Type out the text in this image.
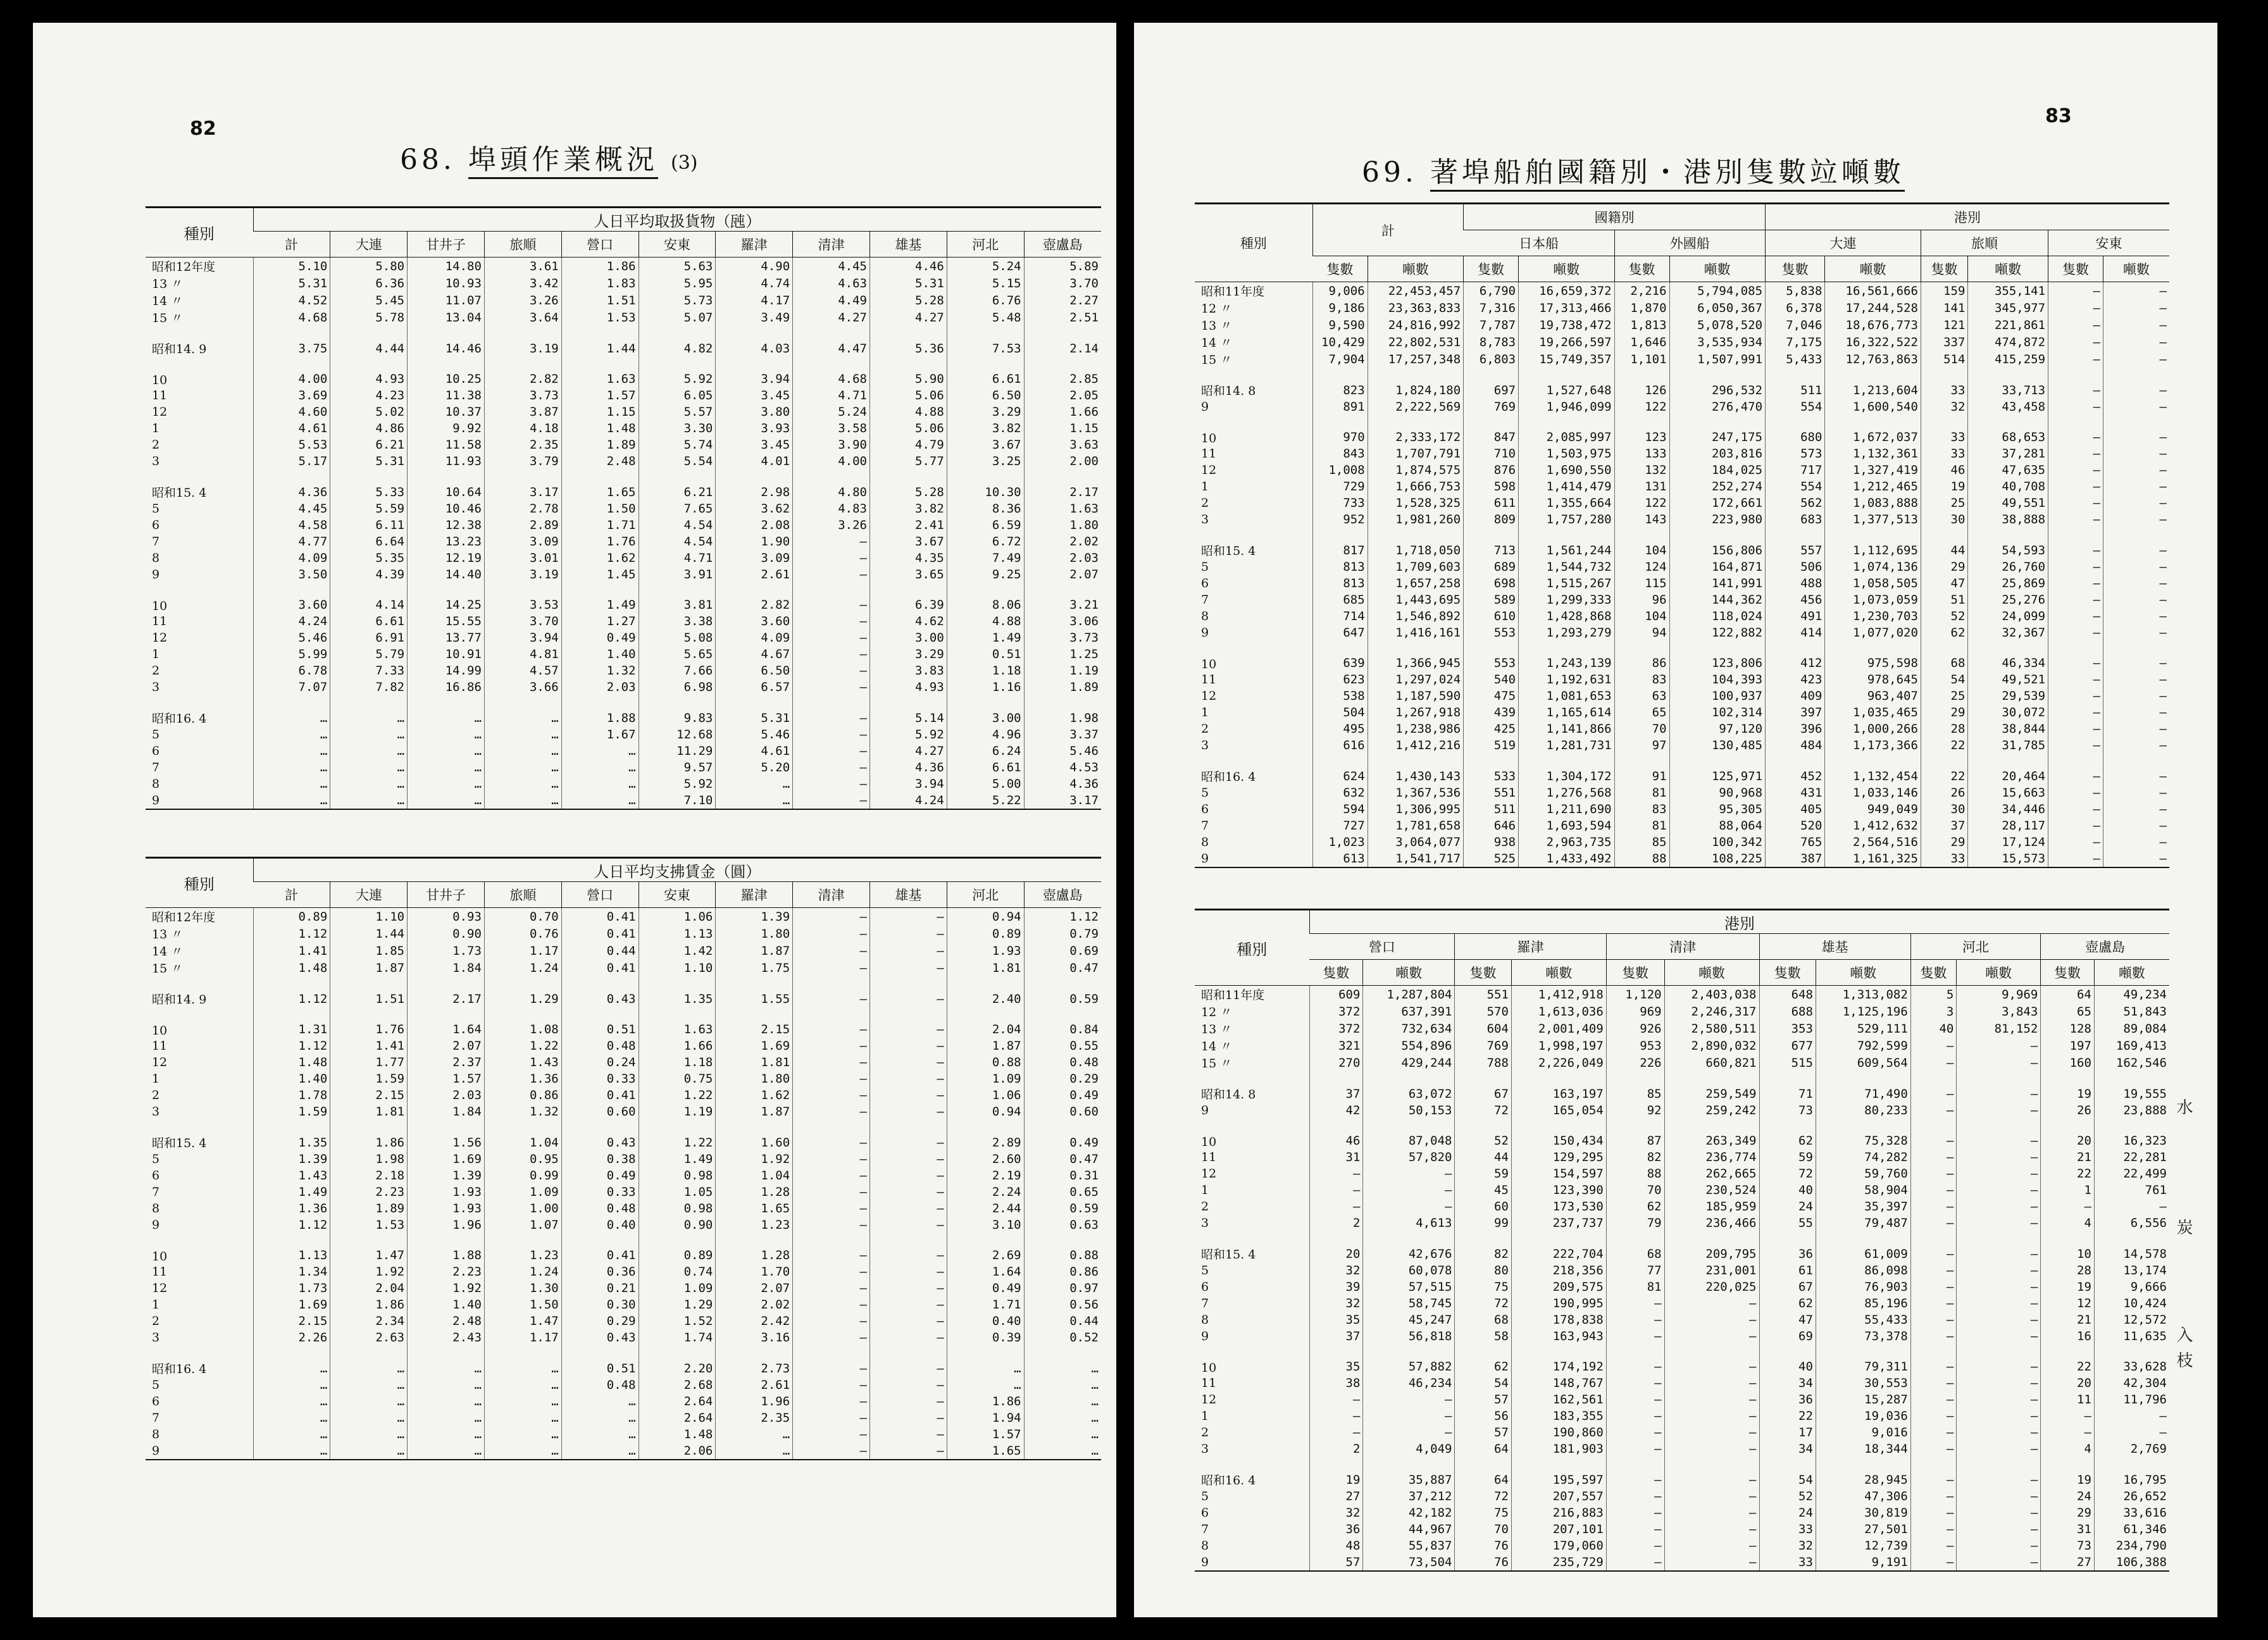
82
68. 埠頭作業概況 (3)
種別	人日平均取扱貨物（瓲）										
	計	大連	甘井子	旅順	營口	安東	羅津	清津	雄基	河北	壺盧島
昭和12年度	5.10	5.80	14.80	3.61	1.86	5.63	4.90	4.45	4.46	5.24	5.89
13 〃	5.31	6.36	10.93	3.42	1.83	5.95	4.74	4.63	5.31	5.15	3.70
14 〃	4.52	5.45	11.07	3.26	1.51	5.73	4.17	4.49	5.28	6.76	2.27
15 〃	4.68	5.78	13.04	3.64	1.53	5.07	3.49	4.27	4.27	5.48	2.51
昭和14. 9	3.75	4.44	14.46	3.19	1.44	4.82	4.03	4.47	5.36	7.53	2.14
10	4.00	4.93	10.25	2.82	1.63	5.92	3.94	4.68	5.90	6.61	2.85
11	3.69	4.23	11.38	3.73	1.57	6.05	3.45	4.71	5.06	6.50	2.05
12	4.60	5.02	10.37	3.87	1.15	5.57	3.80	5.24	4.88	3.29	1.66
1	4.61	4.86	9.92	4.18	1.48	3.30	3.93	3.58	5.06	3.82	1.15
2	5.53	6.21	11.58	2.35	1.89	5.74	3.45	3.90	4.79	3.67	3.63
3	5.17	5.31	11.93	3.79	2.48	5.54	4.01	4.00	5.77	3.25	2.00
昭和15. 4	4.36	5.33	10.64	3.17	1.65	6.21	2.98	4.80	5.28	10.30	2.17
5	4.45	5.59	10.46	2.78	1.50	7.65	3.62	4.83	3.82	8.36	1.63
6	4.58	6.11	12.38	2.89	1.71	4.54	2.08	3.26	2.41	6.59	1.80
7	4.77	6.64	13.23	3.09	1.76	4.54	1.90	—	3.67	6.72	2.02
8	4.09	5.35	12.19	3.01	1.62	4.71	3.09	—	4.35	7.49	2.03
9	3.50	4.39	14.40	3.19	1.45	3.91	2.61	—	3.65	9.25	2.07
10	3.60	4.14	14.25	3.53	1.49	3.81	2.82	—	6.39	8.06	3.21
11	4.24	6.61	15.55	3.70	1.27	3.38	3.60	—	4.62	4.88	3.06
12	5.46	6.91	13.77	3.94	0.49	5.08	4.09	—	3.00	1.49	3.73
1	5.99	5.79	10.91	4.81	1.40	5.65	4.67	—	3.29	0.51	1.25
2	6.78	7.33	14.99	4.57	1.32	7.66	6.50	—	3.83	1.18	1.19
3	7.07	7.82	16.86	3.66	2.03	6.98	6.57	—	4.93	1.16	1.89
昭和16. 4	…	…	…	…	1.88	9.83	5.31	—	5.14	3.00	1.98
5	…	…	…	…	1.67	12.68	5.46	—	5.92	4.96	3.37
6	…	…	…	…	…	11.29	4.61	—	4.27	6.24	5.46
7	…	…	…	…	…	9.57	5.20	—	4.36	6.61	4.53
8	…	…	…	…	…	5.92	…	—	3.94	5.00	4.36
9	…	…	…	…	…	7.10	…	—	4.24	5.22	3.17
種別	人日平均支拂賃金（圓）										
	計	大連	甘井子	旅順	營口	安東	羅津	清津	雄基	河北	壺盧島
昭和12年度	0.89	1.10	0.93	0.70	0.41	1.06	1.39	—	—	0.94	1.12
13 〃	1.12	1.44	0.90	0.76	0.41	1.13	1.80	—	—	0.89	0.79
14 〃	1.41	1.85	1.73	1.17	0.44	1.42	1.87	—	—	1.93	0.69
15 〃	1.48	1.87	1.84	1.24	0.41	1.10	1.75	—	—	1.81	0.47
昭和14. 9	1.12	1.51	2.17	1.29	0.43	1.35	1.55	—	—	2.40	0.59
10	1.31	1.76	1.64	1.08	0.51	1.63	2.15	—	—	2.04	0.84
11	1.12	1.41	2.07	1.22	0.48	1.66	1.69	—	—	1.87	0.55
12	1.48	1.77	2.37	1.43	0.24	1.18	1.81	—	—	0.88	0.48
1	1.40	1.59	1.57	1.36	0.33	0.75	1.80	—	—	1.09	0.29
2	1.78	2.15	2.03	0.86	0.41	1.22	1.62	—	—	1.06	0.49
3	1.59	1.81	1.84	1.32	0.60	1.19	1.87	—	—	0.94	0.60
昭和15. 4	1.35	1.86	1.56	1.04	0.43	1.22	1.60	—	—	2.89	0.49
5	1.39	1.98	1.69	0.95	0.38	1.49	1.92	—	—	2.60	0.47
6	1.43	2.18	1.39	0.99	0.49	0.98	1.04	—	—	2.19	0.31
7	1.49	2.23	1.93	1.09	0.33	1.05	1.28	—	—	2.24	0.65
8	1.36	1.89	1.93	1.00	0.48	0.98	1.65	—	—	2.44	0.59
9	1.12	1.53	1.96	1.07	0.40	0.90	1.23	—	—	3.10	0.63
10	1.13	1.47	1.88	1.23	0.41	0.89	1.28	—	—	2.69	0.88
11	1.34	1.92	2.23	1.24	0.36	0.74	1.70	—	—	1.64	0.86
12	1.73	2.04	1.92	1.30	0.21	1.09	2.07	—	—	0.49	0.97
1	1.69	1.86	1.40	1.50	0.30	1.29	2.02	—	—	1.71	0.56
2	2.15	2.34	2.48	1.47	0.29	1.52	2.42	—	—	0.40	0.44
3	2.26	2.63	2.43	1.17	0.43	1.74	3.16	—	—	0.39	0.52
昭和16. 4	…	…	…	…	0.51	2.20	2.73	—	—	…	…
5	…	…	…	…	0.48	2.68	2.61	—	—	…	…
6	…	…	…	…	…	2.64	1.96	—	—	1.86	…
7	…	…	…	…	…	2.64	2.35	—	—	1.94	…
8	…	…	…	…	…	1.48	…	—	—	1.57	…
9	…	…	…	…	…	2.06	…	—	—	1.65	…
83
69. 著埠船舶國籍別・港別隻數竝噸數
種別	計		國籍別				港別					
			日本船		外國船		大連		旅順		安東	
	隻數	噸數	隻數	噸數	隻數	噸數	隻數	噸數	隻數	噸數	隻數	噸數
昭和11年度	9,006	22,453,457	6,790	16,659,372	2,216	5,794,085	5,838	16,561,666	159	355,141	—	—
12 〃	9,186	23,363,833	7,316	17,313,466	1,870	6,050,367	6,378	17,244,528	141	345,977	—	—
13 〃	9,590	24,816,992	7,787	19,738,472	1,813	5,078,520	7,046	18,676,773	121	221,861	—	—
14 〃	10,429	22,802,531	8,783	19,266,597	1,646	3,535,934	7,175	16,322,522	337	474,872	—	—
15 〃	7,904	17,257,348	6,803	15,749,357	1,101	1,507,991	5,433	12,763,863	514	415,259	—	—
昭和14. 8	823	1,824,180	697	1,527,648	126	296,532	511	1,213,604	33	33,713	—	—
9	891	2,222,569	769	1,946,099	122	276,470	554	1,600,540	32	43,458	—	—
10	970	2,333,172	847	2,085,997	123	247,175	680	1,672,037	33	68,653	—	—
11	843	1,707,791	710	1,503,975	133	203,816	573	1,132,361	33	37,281	—	—
12	1,008	1,874,575	876	1,690,550	132	184,025	717	1,327,419	46	47,635	—	—
1	729	1,666,753	598	1,414,479	131	252,274	554	1,212,465	19	40,708	—	—
2	733	1,528,325	611	1,355,664	122	172,661	562	1,083,888	25	49,551	—	—
3	952	1,981,260	809	1,757,280	143	223,980	683	1,377,513	30	38,888	—	—
昭和15. 4	817	1,718,050	713	1,561,244	104	156,806	557	1,112,695	44	54,593	—	—
5	813	1,709,603	689	1,544,732	124	164,871	506	1,074,136	29	26,760	—	—
6	813	1,657,258	698	1,515,267	115	141,991	488	1,058,505	47	25,869	—	—
7	685	1,443,695	589	1,299,333	96	144,362	456	1,073,059	51	25,276	—	—
8	714	1,546,892	610	1,428,868	104	118,024	491	1,230,703	52	24,099	—	—
9	647	1,416,161	553	1,293,279	94	122,882	414	1,077,020	62	32,367	—	—
10	639	1,366,945	553	1,243,139	86	123,806	412	975,598	68	46,334	—	—
11	623	1,297,024	540	1,192,631	83	104,393	423	978,645	54	49,521	—	—
12	538	1,187,590	475	1,081,653	63	100,937	409	963,407	25	29,539	—	—
1	504	1,267,918	439	1,165,614	65	102,314	397	1,035,465	29	30,072	—	—
2	495	1,238,986	425	1,141,866	70	97,120	396	1,000,266	28	38,844	—	—
3	616	1,412,216	519	1,281,731	97	130,485	484	1,173,366	22	31,785	—	—
昭和16. 4	624	1,430,143	533	1,304,172	91	125,971	452	1,132,454	22	20,464	—	—
5	632	1,367,536	551	1,276,568	81	90,968	431	1,033,146	26	15,663	—	—
6	594	1,306,995	511	1,211,690	83	95,305	405	949,049	30	34,446	—	—
7	727	1,781,658	646	1,693,594	81	88,064	520	1,412,632	37	28,117	—	—
8	1,023	3,064,077	938	2,963,735	85	100,342	765	2,564,516	29	17,124	—	—
9	613	1,541,717	525	1,433,492	88	108,225	387	1,161,325	33	15,573	—	—
種別	港別											
	營口		羅津		清津		雄基		河北		壺盧島	
	隻數	噸數	隻數	噸數	隻數	噸數	隻數	噸數	隻數	噸數	隻數	噸數
昭和11年度	609	1,287,804	551	1,412,918	1,120	2,403,038	648	1,313,082	5	9,969	64	49,234
12 〃	372	637,391	570	1,613,036	969	2,246,317	688	1,125,196	3	3,843	65	51,843
13 〃	372	732,634	604	2,001,409	926	2,580,511	353	529,111	40	81,152	128	89,084
14 〃	321	554,896	769	1,998,197	953	2,890,032	677	792,599	—	—	197	169,413
15 〃	270	429,244	788	2,226,049	226	660,821	515	609,564	—	—	160	162,546
昭和14. 8	37	63,072	67	163,197	85	259,549	71	71,490	—	—	19	19,555
9	42	50,153	72	165,054	92	259,242	73	80,233	—	—	26	23,888
10	46	87,048	52	150,434	87	263,349	62	75,328	—	—	20	16,323
11	31	57,820	44	129,295	82	236,774	59	74,282	—	—	21	22,281
12	—	—	59	154,597	88	262,665	72	59,760	—	—	22	22,499
1	—	—	45	123,390	70	230,524	40	58,904	—	—	1	761
2	—	—	60	173,530	62	185,959	24	35,397	—	—	—	—
3	2	4,613	99	237,737	79	236,466	55	79,487	—	—	4	6,556
昭和15. 4	20	42,676	82	222,704	68	209,795	36	61,009	—	—	10	14,578
5	32	60,078	80	218,356	77	231,001	61	86,098	—	—	28	13,174
6	39	57,515	75	209,575	81	220,025	67	76,903	—	—	19	9,666
7	32	58,745	72	190,995	—	—	62	85,196	—	—	12	10,424
8	35	45,247	68	178,838	—	—	47	55,433	—	—	21	12,572
9	37	56,818	58	163,943	—	—	69	73,378	—	—	16	11,635
10	35	57,882	62	174,192	—	—	40	79,311	—	—	22	33,628
11	38	46,234	54	148,767	—	—	34	30,553	—	—	20	42,304
12	—	—	57	162,561	—	—	36	15,287	—	—	11	11,796
1	—	—	56	183,355	—	—	22	19,036	—	—	—	—
2	—	—	57	190,860	—	—	17	9,016	—	—	—	—
3	2	4,049	64	181,903	—	—	34	18,344	—	—	4	2,769
昭和16. 4	19	35,887	64	195,597	—	—	54	28,945	—	—	19	16,795
5	27	37,212	72	207,557	—	—	52	47,306	—	—	24	26,652
6	32	42,182	75	216,883	—	—	24	30,819	—	—	29	33,616
7	36	44,967	70	207,101	—	—	33	27,501	—	—	31	61,346
8	48	55,837	76	179,060	—	—	32	12,739	—	—	73	234,790
9	57	73,504	76	235,729	—	—	33	9,191	—	—	27	106,388
水
炭
入
枝
